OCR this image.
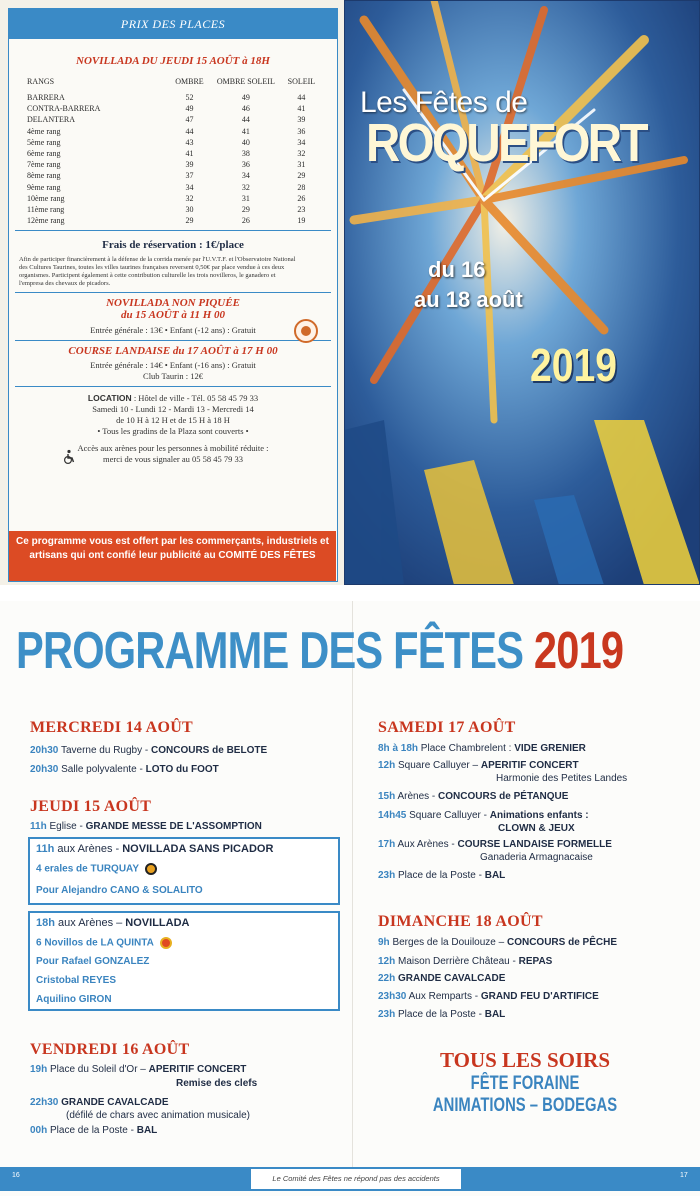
PRIX DES PLACES
NOVILLADA DU JEUDI 15 AOÛT à 18H
RANGS	OMBRE	OMBRE SOLEIL	SOLEIL
BARRERA	52	49	44
CONTRA-BARRERA	49	46	41
DELANTERA	47	44	39
4ème rang	44	41	36
5ème rang	43	40	34
6ème rang	41	38	32
7ème rang	39	36	31
8ème rang	37	34	29
9ème rang	34	32	28
10ème rang	32	31	26
11ème rang	30	29	23
12ème rang	29	26	19
Frais de réservation : 1€/place
Afin de participer financièrement à la défense de la corrida menée par l'U.V.T.F. et l'Observatoire National des Cultures Taurines, toutes les villes taurines françaises reversent 0,50€ par place vendue à ces deux organismes. Participent également à cette contribution culturelle les trois novilleros, le ganadero et l'empresa des chevaux de picadors.
NOVILLADA NON PIQUÉE
du 15 AOÛT à 11 H 00
Entrée générale : 13€ • Enfant (-12 ans) : Gratuit
COURSE LANDAISE du 17 AOÛT à 17 H 00
Entrée générale : 14€ • Enfant (-16 ans) : Gratuit
Club Taurin : 12€
LOCATION : Hôtel de ville - Tél. 05 58 45 79 33
Samedi 10 - Lundi 12 - Mardi 13 - Mercredi 14
de 10 H à 12 H et de 15 H à 18 H
• Tous les gradins de la Plaza sont couverts •
Accès aux arènes pour les personnes à mobilité réduite :
merci de vous signaler au 05 58 45 79 33
Ce programme vous est offert par les commerçants, industriels et artisans qui ont confié leur publicité au COMITÉ DES FÊTES
Les Fêtes de
ROQUEFORT
du 16
au 18 août
2019
PROGRAMME DES FÊTES 2019
MERCREDI 14 AOÛT
20h30 Taverne du Rugby - CONCOURS de BELOTE
20h30 Salle polyvalente - LOTO du FOOT
JEUDI 15 AOÛT
11h Eglise - GRANDE MESSE DE L'ASSOMPTION
11h aux Arènes - NOVILLADA SANS PICADOR
4 erales de TURQUAY
Pour Alejandro CANO & SOLALITO
18h aux Arènes – NOVILLADA
6 Novillos de LA QUINTA
Pour Rafael GONZALEZ
Cristobal REYES
Aquilino GIRON
VENDREDI 16 AOÛT
19h Place du Soleil d'Or – APERITIF CONCERT
Remise des clefs
22h30 GRANDE CAVALCADE
(défilé de chars avec animation musicale)
00h Place de la Poste - BAL
SAMEDI 17 AOÛT
8h à 18h Place Chambrelent : VIDE GRENIER
12h Square Calluyer – APERITIF CONCERT
Harmonie des Petites Landes
15h Arènes - CONCOURS de PÉTANQUE
14h45 Square Calluyer - Animations enfants :
CLOWN & JEUX
17h Aux Arènes - COURSE LANDAISE FORMELLE
Ganaderia Armagnacaise
23h Place de la Poste - BAL
DIMANCHE 18 AOÛT
9h Berges de la Douilouze – CONCOURS de PÊCHE
12h Maison Derrière Château - REPAS
22h GRANDE CAVALCADE
23h30 Aux Remparts - GRAND FEU D'ARTIFICE
23h Place de la Poste - BAL
TOUS LES SOIRS
FÊTE FORAINE
ANIMATIONS – BODEGAS
Le Comité des Fêtes ne répond pas des accidents
16	17
